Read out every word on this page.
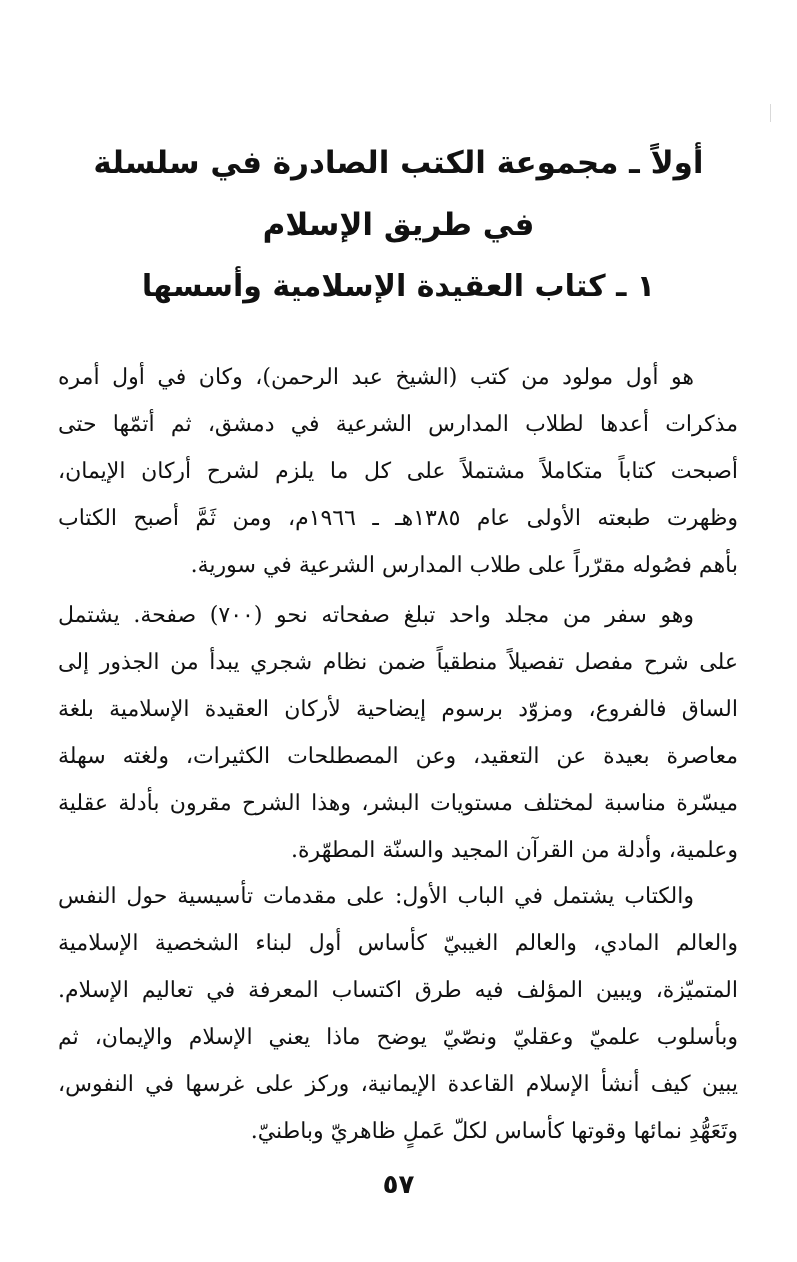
أولاً ـ مجموعة الكتب الصادرة في سلسلة
في طريق الإسلام
١ ـ كتاب العقيدة الإسلامية وأسسها

هو أول مولود من كتب (الشيخ عبد الرحمن)، وكان في أول أمره
مذكرات أعدها لطلاب المدارس الشرعية في دمشق، ثم أتمّها حتى
أصبحت كتاباً متكاملاً مشتملاً على كل ما يلزم لشرح أركان الإيمان،
وظهرت طبعته الأولى عام ١٣٨٥هـ ـ ١٩٦٦م، ومن ثَمَّ أصبح الكتاب
بأهم فصُوله مقرّراً على طلاب المدارس الشرعية في سورية.

وهو سفر من مجلد واحد تبلغ صفحاته نحو (٧٠٠) صفحة. يشتمل
على شرح مفصل تفصيلاً منطقياً ضمن نظام شجري يبدأ من الجذور إلى
الساق فالفروع، ومزوّد برسوم إيضاحية لأركان العقيدة الإسلامية بلغة
معاصرة بعيدة عن التعقيد، وعن المصطلحات الكثيرات، ولغته سهلة
ميسّرة مناسبة لمختلف مستويات البشر، وهذا الشرح مقرون بأدلة عقلية
وعلمية، وأدلة من القرآن المجيد والسنّة المطهّرة.

والكتاب يشتمل في الباب الأول: على مقدمات تأسيسية حول النفس
والعالم المادي، والعالم الغيبيّ كأساس أول لبناء الشخصية الإسلامية
المتميّزة، ويبين المؤلف فيه طرق اكتساب المعرفة في تعاليم الإسلام.
وبأسلوب علميّ وعقليّ ونصّيّ يوضح ماذا يعني الإسلام والإيمان، ثم
يبين كيف أنشأ الإسلام القاعدة الإيمانية، وركز على غرسها في النفوس،
وتَعَهُّدِ نمائها وقوتها كأساس لكلّ عَملٍ ظاهريّ وباطنيّ.

٥٧
